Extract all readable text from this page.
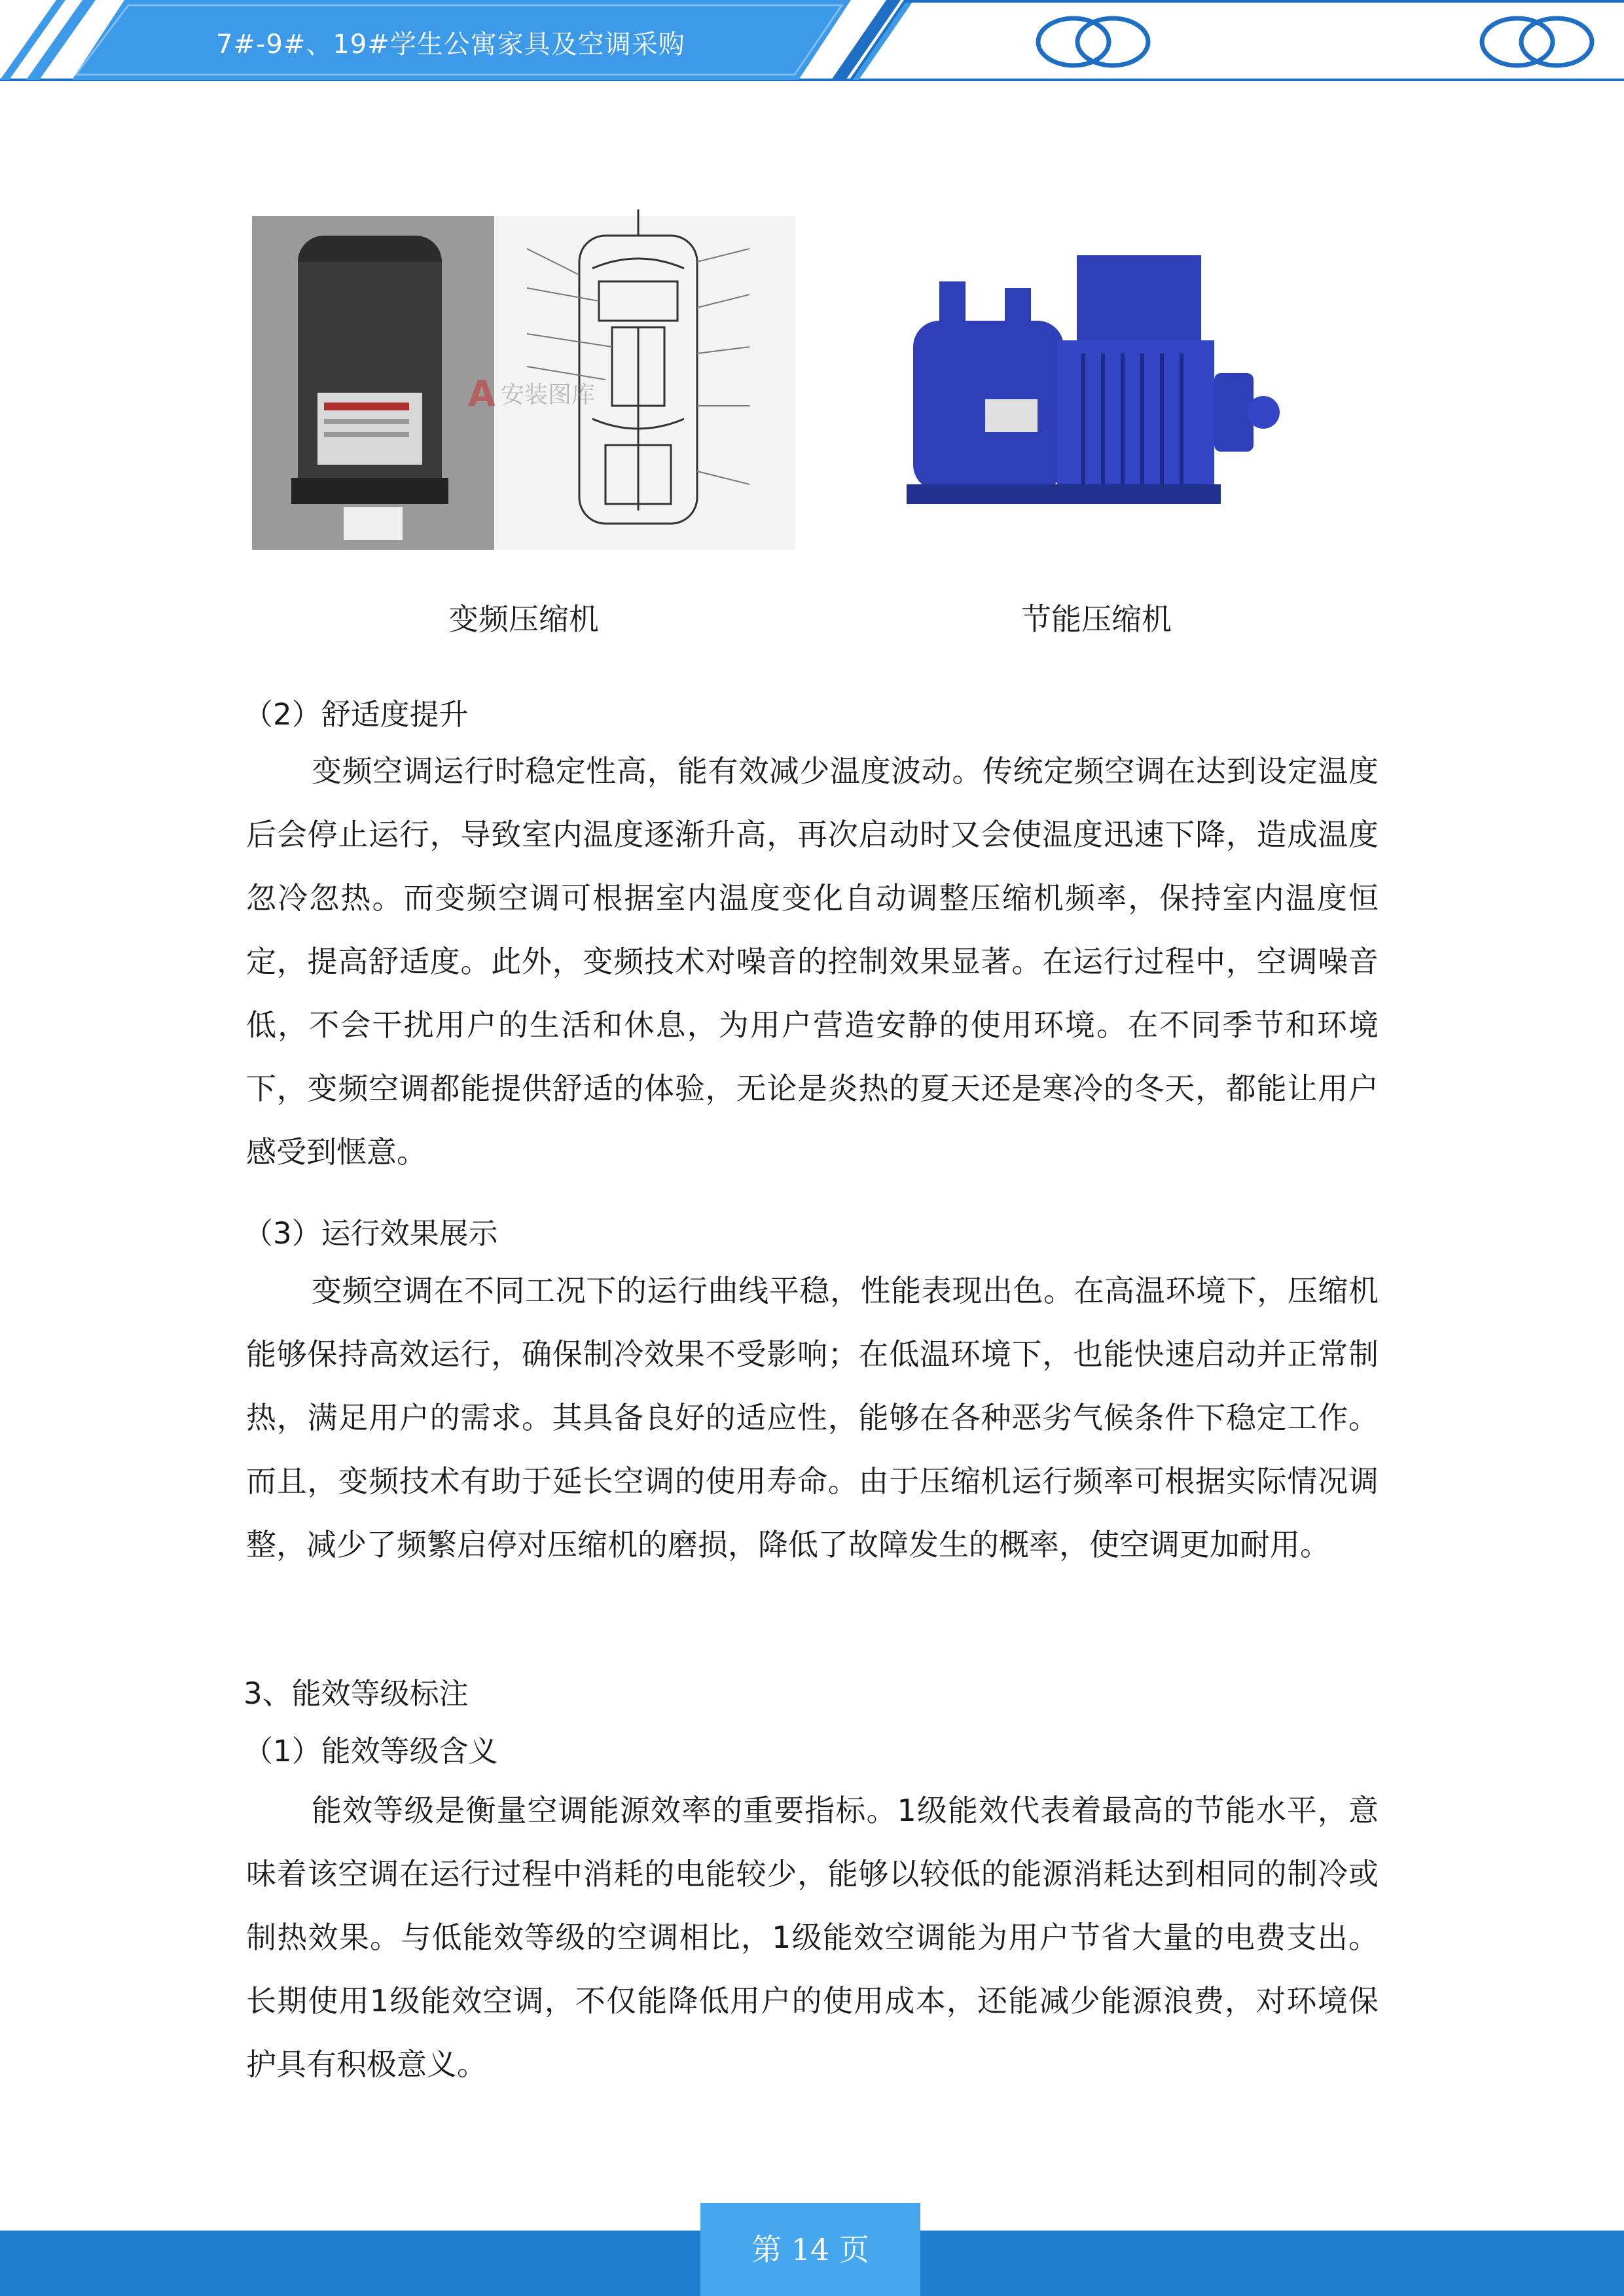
7#-9#、19#学生公寓家具及空调采购
A 安装图库
变频压缩机	节能压缩机
（2）舒适度提升

变频空调运行时稳定性高，能有效减少温度波动。传统定频空调在达到设定温度后会停止运行，导致室内温度逐渐升高，再次启动时又会使温度迅速下降，造成温度忽冷忽热。而变频空调可根据室内温度变化自动调整压缩机频率，保持室内温度恒定，提高舒适度。此外，变频技术对噪音的控制效果显著。在运行过程中，空调噪音低，不会干扰用户的生活和休息，为用户营造安静的使用环境。在不同季节和环境下，变频空调都能提供舒适的体验，无论是炎热的夏天还是寒冷的冬天，都能让用户感受到惬意。

（3）运行效果展示

变频空调在不同工况下的运行曲线平稳，性能表现出色。在高温环境下，压缩机能够保持高效运行，确保制冷效果不受影响；在低温环境下，也能快速启动并正常制热，满足用户的需求。其具备良好的适应性，能够在各种恶劣气候条件下稳定工作。而且，变频技术有助于延长空调的使用寿命。由于压缩机运行频率可根据实际情况调整，减少了频繁启停对压缩机的磨损，降低了故障发生的概率，使空调更加耐用。

3、能效等级标注
（1）能效等级含义

能效等级是衡量空调能源效率的重要指标。1级能效代表着最高的节能水平，意味着该空调在运行过程中消耗的电能较少，能够以较低的能源消耗达到相同的制冷或制热效果。与低能效等级的空调相比，1级能效空调能为用户节省大量的电费支出。长期使用1级能效空调，不仅能降低用户的使用成本，还能减少能源浪费，对环境保护具有积极意义。

第 14 页
